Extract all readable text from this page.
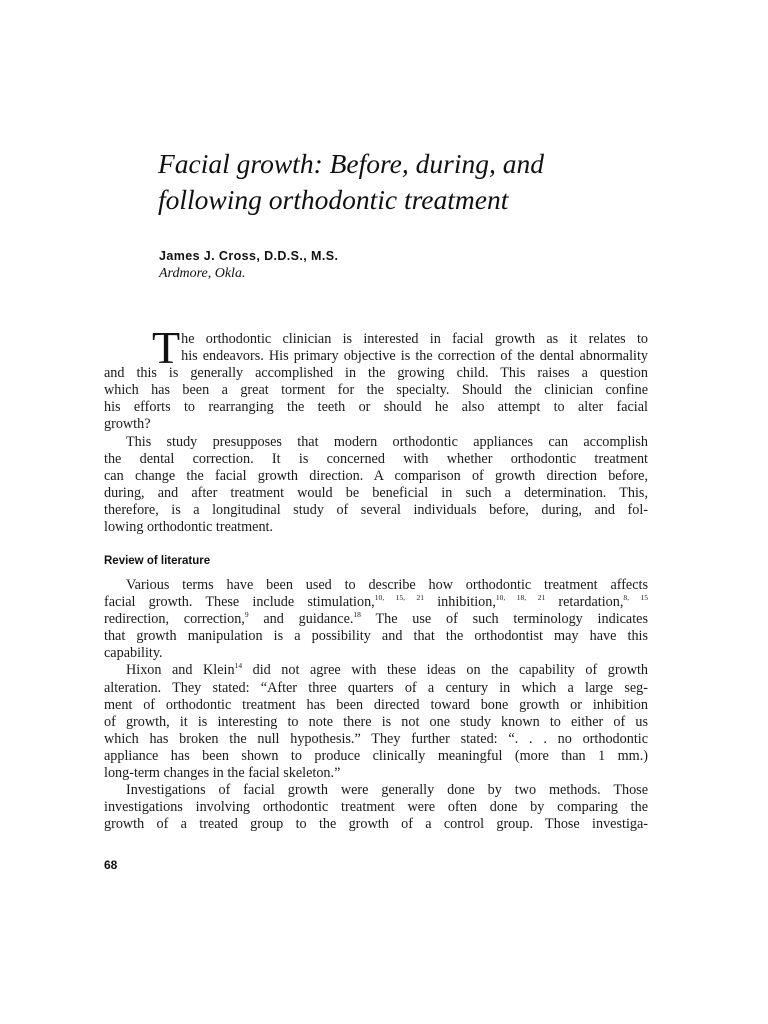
Facial growth: Before, during, and
following orthodontic treatment
James J. Cross, D.D.S., M.S.
Ardmore, Okla.

T he orthodontic clinician is interested in facial growth as it relates to
his endeavors. His primary objective is the correction of the dental abnormality
and this is generally accomplished in the growing child. This raises a question
which has been a great torment for the specialty. Should the clinician confine
his efforts to rearranging the teeth or should he also attempt to alter facial
growth?

This study presupposes that modern orthodontic appliances can accomplish
the dental correction. It is concerned with whether orthodontic treatment
can change the facial growth direction. A comparison of growth direction before,
during, and after treatment would be beneficial in such a determination. This,
therefore, is a longitudinal study of several individuals before, during, and fol-
lowing orthodontic treatment.

Review of literature

Various terms have been used to describe how orthodontic treatment affects
facial growth. These include stimulation,$^{10, 15, 21}$ inhibition,$^{10, 18, 21}$ retardation,$^{8, 15}$
redirection, correction,$^9$ and guidance.$^{18}$ The use of such terminology indicates
that growth manipulation is a possibility and that the orthodontist may have this
capability.

Hixon and Klein$^{14}$ did not agree with these ideas on the capability of growth
alteration. They stated: “After three quarters of a century in which a large seg-
ment of orthodontic treatment has been directed toward bone growth or inhibition
of growth, it is interesting to note there is not one study known to either of us
which has broken the null hypothesis.” They further stated: “. . . no orthodontic
appliance has been shown to produce clinically meaningful (more than 1 mm.)
long-term changes in the facial skeleton.”

Investigations of facial growth were generally done by two methods. Those
investigations involving orthodontic treatment were often done by comparing the
growth of a treated group to the growth of a control group. Those investiga-

68
